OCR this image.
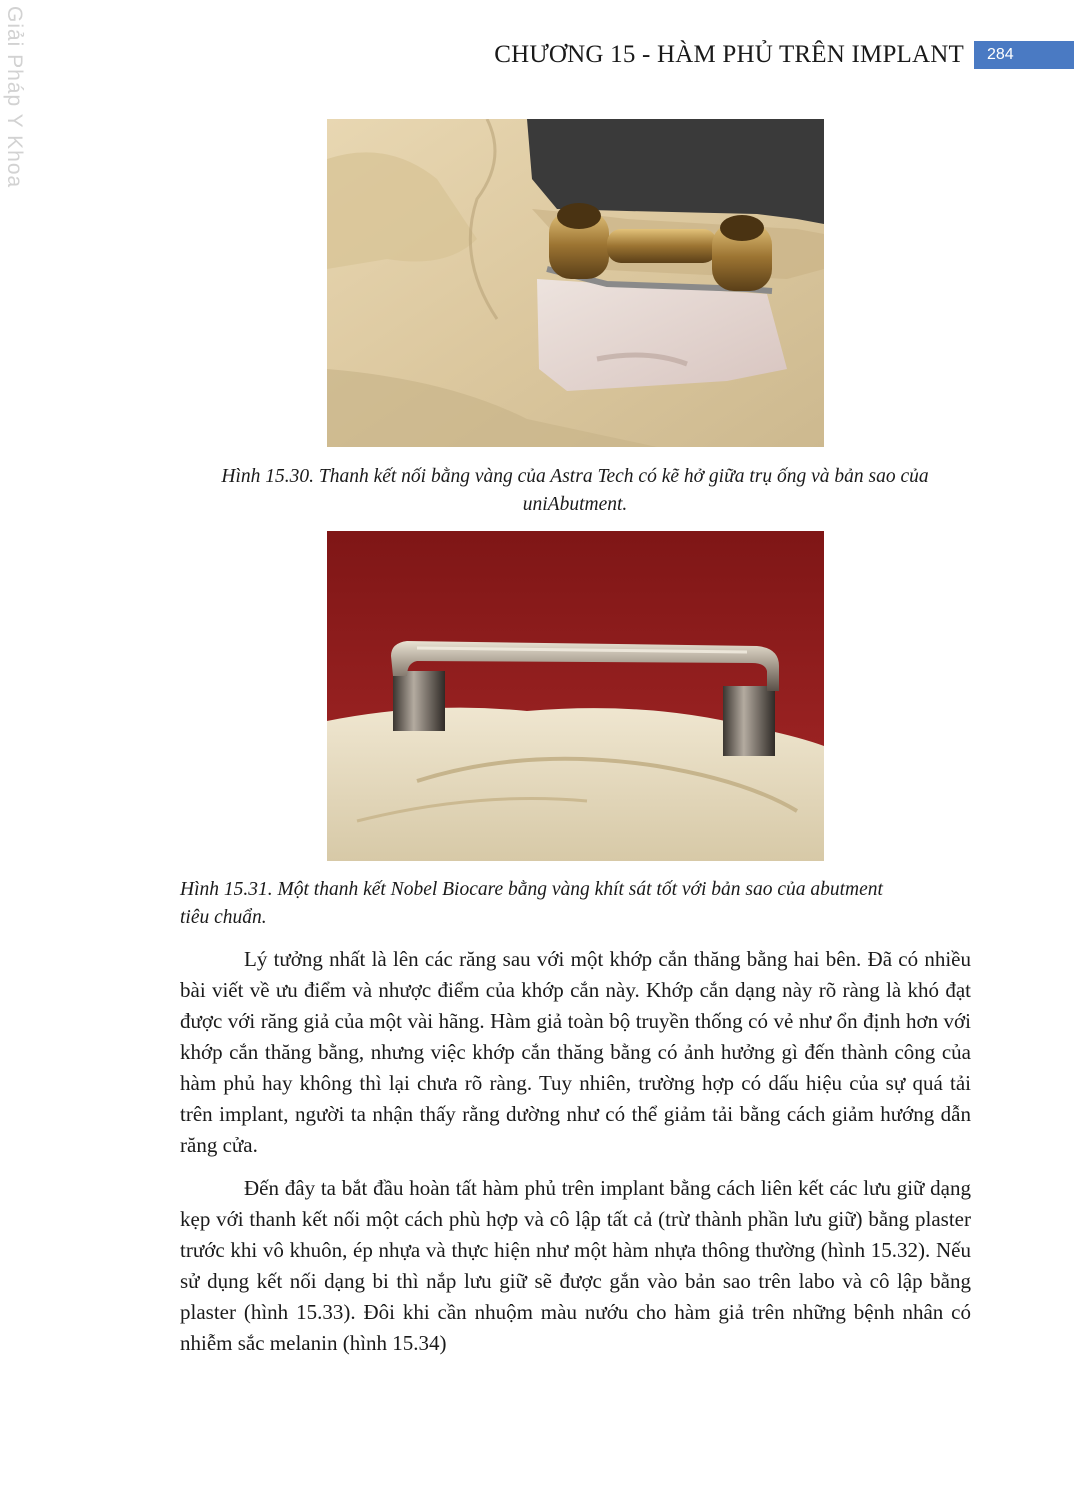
Giải Pháp Y Khoa	CHƯƠNG 15 - HÀM PHỦ TRÊN IMPLANT	284
Hình 15.30. Thanh kết nối bằng vàng của Astra Tech có kẽ hở giữa trụ ống và bản sao của
uniAbutment.
Hình 15.31. Một thanh kết Nobel Biocare bằng vàng khít sát tốt với bản sao của abutment
tiêu chuẩn.

Lý tưởng nhất là lên các răng sau với một khớp cắn thăng bằng hai bên. Đã có nhiều bài viết về ưu điểm và nhược điểm của khớp cắn này. Khớp cắn dạng này rõ ràng là khó đạt được với răng giả của một vài hãng. Hàm giả toàn bộ truyền thống có vẻ như ổn định hơn với khớp cắn thăng bằng, nhưng việc khớp cắn thăng bằng có ảnh hưởng gì đến thành công của hàm phủ hay không thì lại chưa rõ ràng. Tuy nhiên, trường hợp có dấu hiệu của sự quá tải trên implant, người ta nhận thấy rằng dường như có thể giảm tải bằng cách giảm hướng dẫn răng cửa.

Đến đây ta bắt đầu hoàn tất hàm phủ trên implant bằng cách liên kết các lưu giữ dạng kẹp với thanh kết nối một cách phù hợp và cô lập tất cả (trừ thành phần lưu giữ) bằng plaster trước khi vô khuôn, ép nhựa và thực hiện như một hàm nhựa thông thường (hình 15.32). Nếu sử dụng kết nối dạng bi thì nắp lưu giữ sẽ được gắn vào bản sao trên labo và cô lập bằng plaster (hình 15.33). Đôi khi cần nhuộm màu nướu cho hàm giả trên những bệnh nhân có nhiễm sắc melanin (hình 15.34)
